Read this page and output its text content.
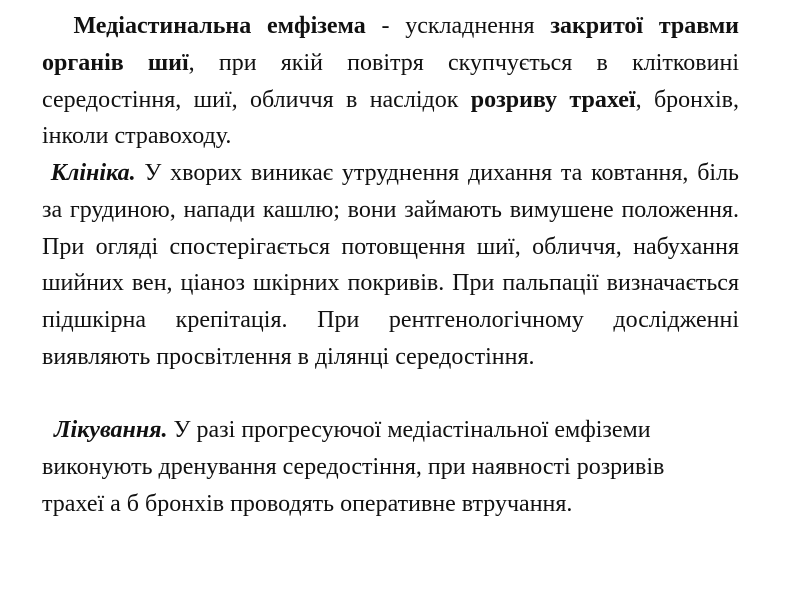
Медіастинальна емфізема - ускладнення закритої травми органів шиї, при якій повітря скупчується в клітковині середостіння, шиї, обличчя в наслідок розриву трахеї, бронхів, інколи стравоходу.

Клініка. У хворих виникає утруднення дихання та ковтання, біль за грудиною, напади кашлю; вони займають вимушене положення. При огляді спостерігається потовщення шиї, обличчя, набухання шийних вен, ціаноз шкірних покривів. При пальпації визначається підшкірна крепітація. При рентгенологічному дослідженні виявляють просвітлення в ділянці середостіння.

Лікування. У разі прогресуючої медіастінальної емфіземи
виконують дренування середостіння, при наявності розривів
трахеї а б бронхів проводять оперативне втручання.
